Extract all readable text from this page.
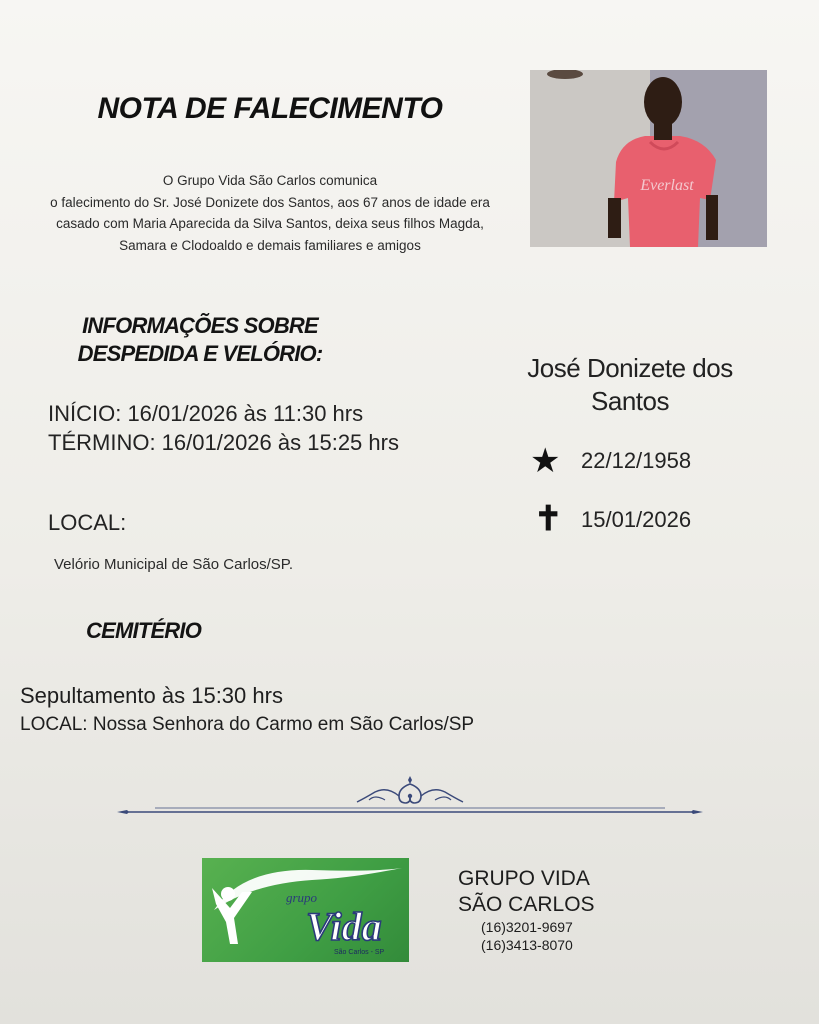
NOTA DE FALECIMENTO
O Grupo Vida São Carlos comunica
o falecimento do Sr. José Donizete dos Santos, aos 67 anos de idade era
casado com Maria Aparecida da Silva Santos, deixa seus filhos Magda,
Samara e Clodoaldo e demais familiares e amigos
Everlast
INFORMAÇÕES SOBRE
DESPEDIDA E VELÓRIO:
INÍCIO: 16/01/2026 às 11:30 hrs
TÉRMINO: 16/01/2026 às 15:25 hrs
LOCAL:
Velório Municipal de São Carlos/SP.
José Donizete dos
Santos
★ 22/12/1958
✝ 15/01/2026
CEMITÉRIO
Sepultamento às 15:30 hrs
LOCAL: Nossa Senhora do Carmo em São Carlos/SP
grupo
Vida
São Carlos - SP
GRUPO VIDA
SÃO CARLOS
(16)3201-9697
(16)3413-8070
